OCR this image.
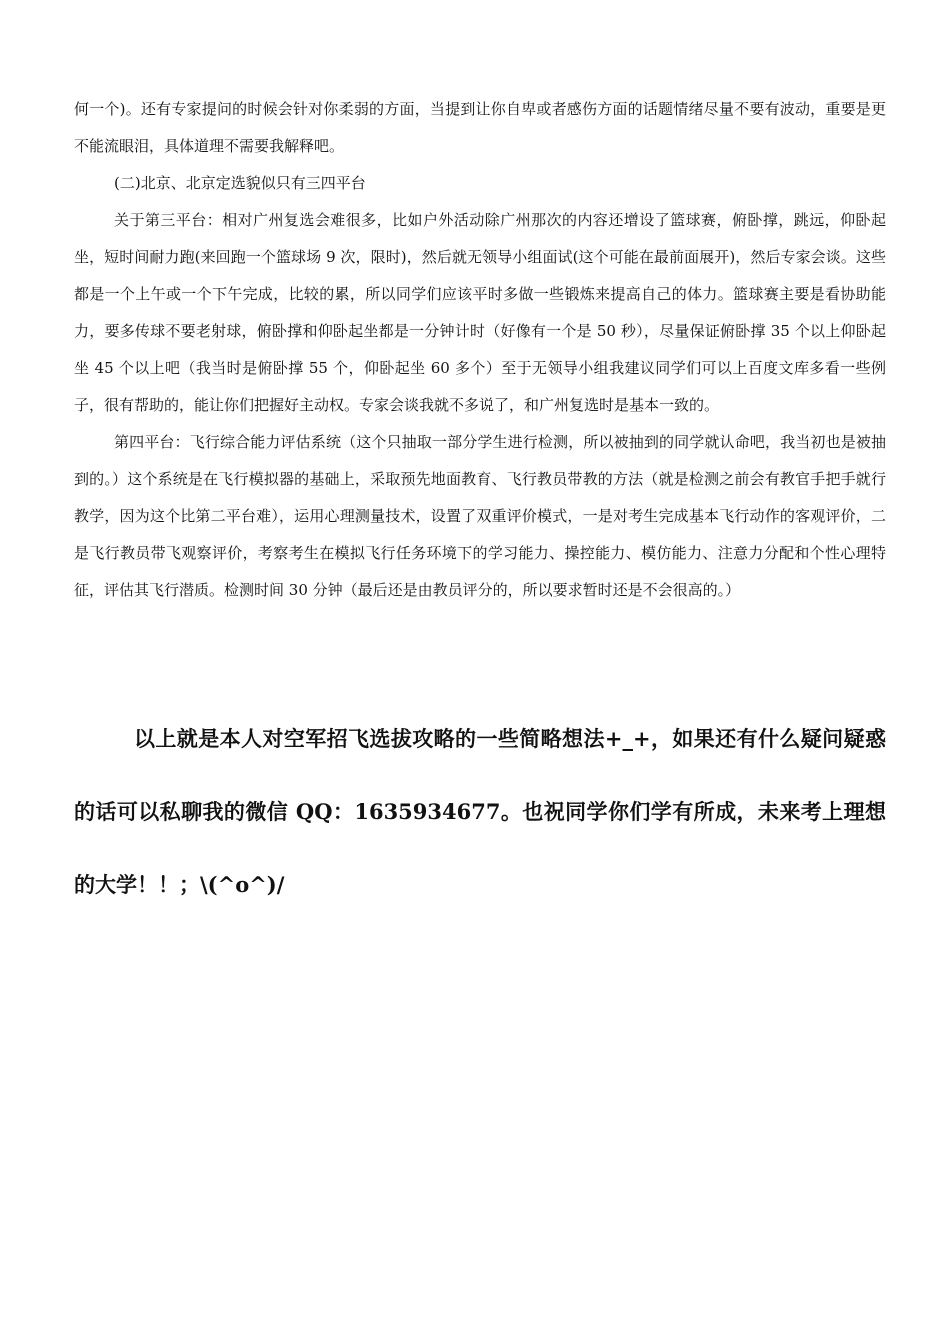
何一个)。还有专家提问的时候会针对你柔弱的方面，当提到让你自卑或者感伤方面的话题情绪尽量不要有波动，重要是更不能流眼泪，具体道理不需要我解释吧。

(二)北京、北京定选貌似只有三四平台

关于第三平台：相对广州复选会难很多，比如户外活动除广州那次的内容还增设了篮球赛，俯卧撑，跳远，仰卧起坐，短时间耐力跑(来回跑一个篮球场 9 次，限时)，然后就无领导小组面试(这个可能在最前面展开)，然后专家会谈。这些都是一个上午或一个下午完成，比较的累，所以同学们应该平时多做一些锻炼来提高自己的体力。篮球赛主要是看协助能力，要多传球不要老射球，俯卧撑和仰卧起坐都是一分钟计时（好像有一个是 50 秒），尽量保证俯卧撑 35 个以上仰卧起坐 45 个以上吧（我当时是俯卧撑 55 个，仰卧起坐 60 多个）至于无领导小组我建议同学们可以上百度文库多看一些例子，很有帮助的，能让你们把握好主动权。专家会谈我就不多说了，和广州复选时是基本一致的。

第四平台：飞行综合能力评估系统（这个只抽取一部分学生进行检测，所以被抽到的同学就认命吧，我当初也是被抽到的。）这个系统是在飞行模拟器的基础上，采取预先地面教育、飞行教员带教的方法（就是检测之前会有教官手把手就行教学，因为这个比第二平台难），运用心理测量技术，设置了双重评价模式，一是对考生完成基本飞行动作的客观评价，二是飞行教员带飞观察评价，考察考生在模拟飞行任务环境下的学习能力、操控能力、模仿能力、注意力分配和个性心理特征，评估其飞行潜质。检测时间 30 分钟（最后还是由教员评分的，所以要求暂时还是不会很高的。）

以上就是本人对空军招飞选拔攻略的一些简略想法+_+，如果还有什么疑问疑惑的话可以私聊我的微信 QQ：1635934677。也祝同学你们学有所成，未来考上理想的大学！！；\(^o^)/
